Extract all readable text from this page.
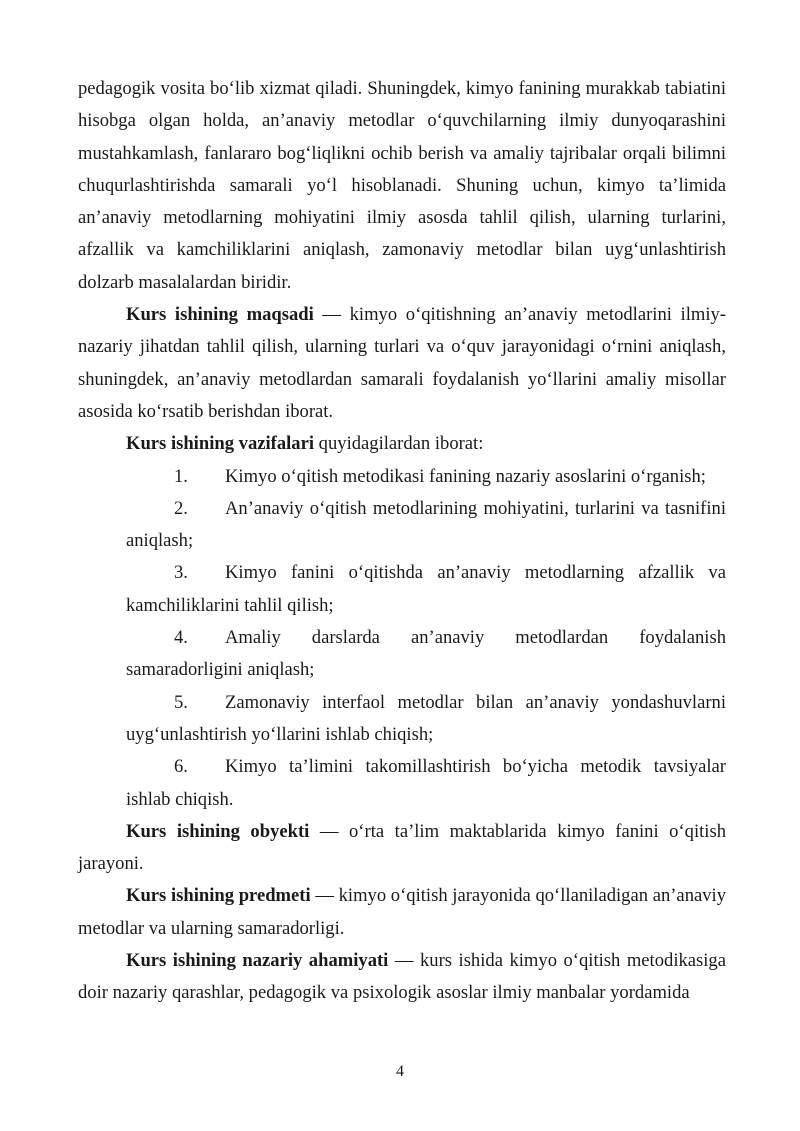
pedagogik vosita bo‘lib xizmat qiladi. Shuningdek, kimyo fanining murakkab tabiatini hisobga olgan holda, an’anaviy metodlar o‘quvchilarning ilmiy dunyoqarashini mustahkamlash, fanlararo bog‘liqlikni ochib berish va amaliy tajribalar orqali bilimni chuqurlashtirishda samarali yo‘l hisoblanadi. Shuning uchun, kimyo ta’limida an’anaviy metodlarning mohiyatini ilmiy asosda tahlil qilish, ularning turlarini, afzallik va kamchiliklarini aniqlash, zamonaviy metodlar bilan uyg‘unlashtirish dolzarb masalalardan biridir.

Kurs ishining maqsadi — kimyo o‘qitishning an’anaviy metodlarini ilmiy-nazariy jihatdan tahlil qilish, ularning turlari va o‘quv jarayonidagi o‘rnini aniqlash, shuningdek, an’anaviy metodlardan samarali foydalanish yo‘llarini amaliy misollar asosida ko‘rsatib berishdan iborat.

Kurs ishining vazifalari quyidagilardan iborat:

1. Kimyo o‘qitish metodikasi fanining nazariy asoslarini o‘rganish;

2. An’anaviy o‘qitish metodlarining mohiyatini, turlarini va tasnifini aniqlash;

3. Kimyo fanini o‘qitishda an’anaviy metodlarning afzallik va kamchiliklarini tahlil qilish;

4. Amaliy darslarda an’anaviy metodlardan foydalanish samaradorligini aniqlash;

5. Zamonaviy interfaol metodlar bilan an’anaviy yondashuvlarni uyg‘unlashtirish yo‘llarini ishlab chiqish;

6. Kimyo ta’limini takomillashtirish bo‘yicha metodik tavsiyalar ishlab chiqish.

Kurs ishining obyekti — o‘rta ta’lim maktablarida kimyo fanini o‘qitish jarayoni.

Kurs ishining predmeti — kimyo o‘qitish jarayonida qo‘llaniladigan an’anaviy metodlar va ularning samaradorligi.

Kurs ishining nazariy ahamiyati — kurs ishida kimyo o‘qitish metodikasiga doir nazariy qarashlar, pedagogik va psixologik asoslar ilmiy manbalar yordamida

4
